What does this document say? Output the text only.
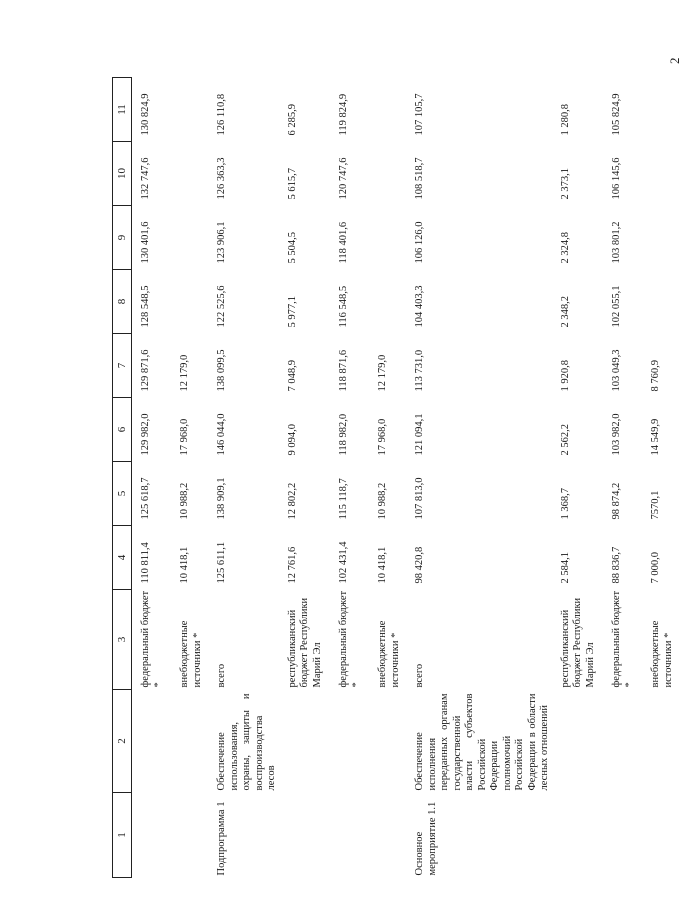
2
1	2	3	4	5	6	7	8	9	10	11
		федеральный бюджет *	110 811,4	125 618,7	129 982,0	129 871,6	128 548,5	130 401,6	132 747,6	130 824,9
		внебюджетные источники *	10 418,1	10 988,2	17 968,0	12 179,0				
Подпрограмма 1	Обеспечение использования, охраны, защиты и воспроизводства лесов	всего	125 611,1	138 909,1	146 044,0	138 099,5	122 525,6	123 906,1	126 363,3	126 110,8
		республиканский бюджет Республики Марий Эл	12 761,6	12 802,2	9 094,0	7 048,9	5 977,1	5 504,5	5 615,7	6 285,9
		федеральный бюджет *	102 431,4	115 118,7	118 982,0	118 871,6	116 548,5	118 401,6	120 747,6	119 824,9
		внебюджетные источники *	10 418,1	10 988,2	17 968,0	12 179,0				
Основное мероприятие 1.1	Обеспечение исполнения переданных органам государственной власти субъектов Российской Федерации полномочий Российской Федерации в области лесных отношений	всего	98 420,8	107 813,0	121 094,1	113 731,0	104 403,3	106 126,0	108 518,7	107 105,7
		республиканский бюджет Республики Марий Эл	2 584,1	1 368,7	2 562,2	1 920,8	2 348,2	2 324,8	2 373,1	1 280,8
		федеральный бюджет *	88 836,7	98 874,2	103 982,0	103 049,3	102 055,1	103 801,2	106 145,6	105 824,9
		внебюджетные источники *	7 000,0	7570,1	14 549,9	8 760,9				
